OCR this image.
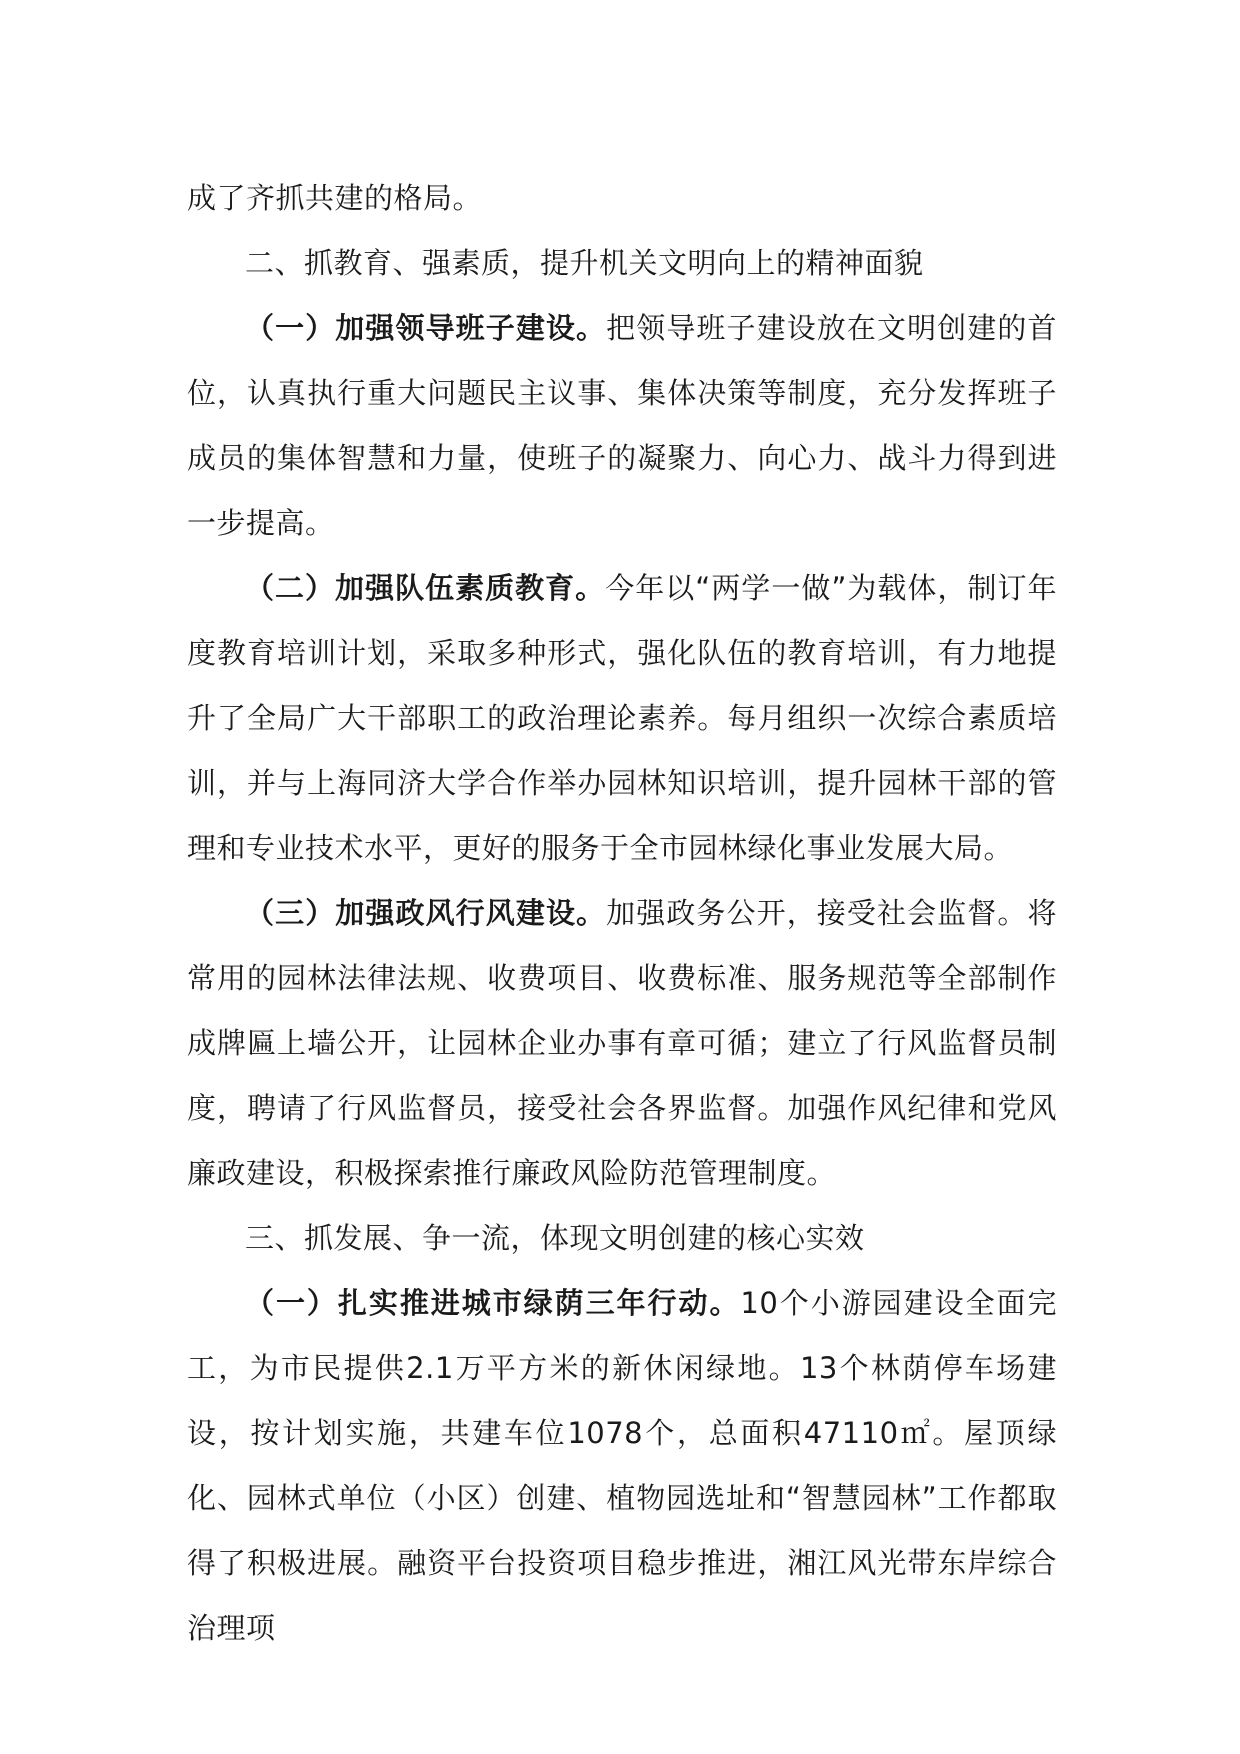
成了齐抓共建的格局。

二、抓教育、强素质，提升机关文明向上的精神面貌

（一）加强领导班子建设。把领导班子建设放在文明创建的首位，认真执行重大问题民主议事、集体决策等制度，充分发挥班子成员的集体智慧和力量，使班子的凝聚力、向心力、战斗力得到进一步提高。

（二）加强队伍素质教育。今年以“两学一做”为载体，制订年度教育培训计划，采取多种形式，强化队伍的教育培训，有力地提升了全局广大干部职工的政治理论素养。每月组织一次综合素质培训，并与上海同济大学合作举办园林知识培训，提升园林干部的管理和专业技术水平，更好的服务于全市园林绿化事业发展大局。

（三）加强政风行风建设。加强政务公开，接受社会监督。将常用的园林法律法规、收费项目、收费标准、服务规范等全部制作成牌匾上墙公开，让园林企业办事有章可循；建立了行风监督员制度，聘请了行风监督员，接受社会各界监督。加强作风纪律和党风廉政建设，积极探索推行廉政风险防范管理制度。

三、抓发展、争一流，体现文明创建的核心实效

（一）扎实推进城市绿荫三年行动。10个小游园建设全面完工，为市民提供2.1万平方米的新休闲绿地。13个林荫停车场建设，按计划实施，共建车位1078个，总面积47110㎡。屋顶绿化、园林式单位（小区）创建、植物园选址和“智慧园林”工作都取得了积极进展。融资平台投资项目稳步推进，湘江风光带东岸综合治理项
